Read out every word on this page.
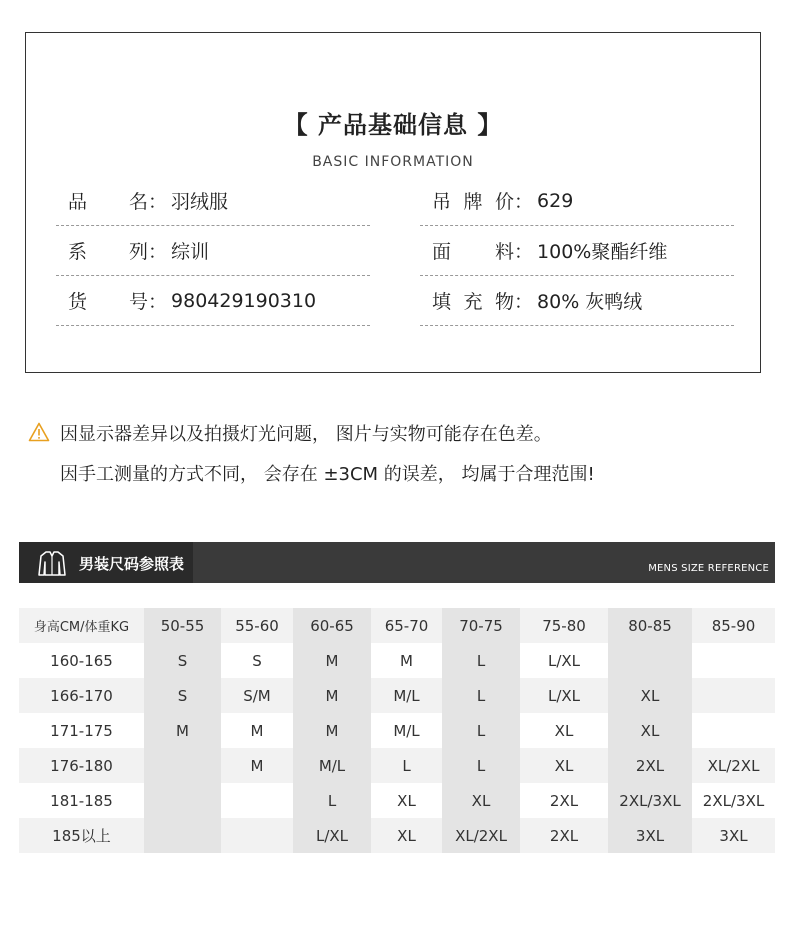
【 产品基础信息 】
BASIC INFORMATION
品名 ： 羽绒服
系列 ： 综训
货号 ： 980429190310
吊牌价 ： 629
面料 ： 100%聚酯纤维
填充物 ： 80% 灰鸭绒
因显示器差异以及拍摄灯光问题， 图片与实物可能存在色差。
因手工测量的方式不同， 会存在 ±3CM 的误差， 均属于合理范围!
男装尺码参照表	MENS SIZE REFERENCE
身高CM/体重KG	50-55	55-60	60-65	65-70	70-75	75-80	80-85	85-90
160-165	S	S	M	M	L	L/XL		
166-170	S	S/M	M	M/L	L	L/XL	XL	
171-175	M	M	M	M/L	L	XL	XL	
176-180		M	M/L	L	L	XL	2XL	XL/2XL
181-185			L	XL	XL	2XL	2XL/3XL	2XL/3XL
185以上			L/XL	XL	XL/2XL	2XL	3XL	3XL
